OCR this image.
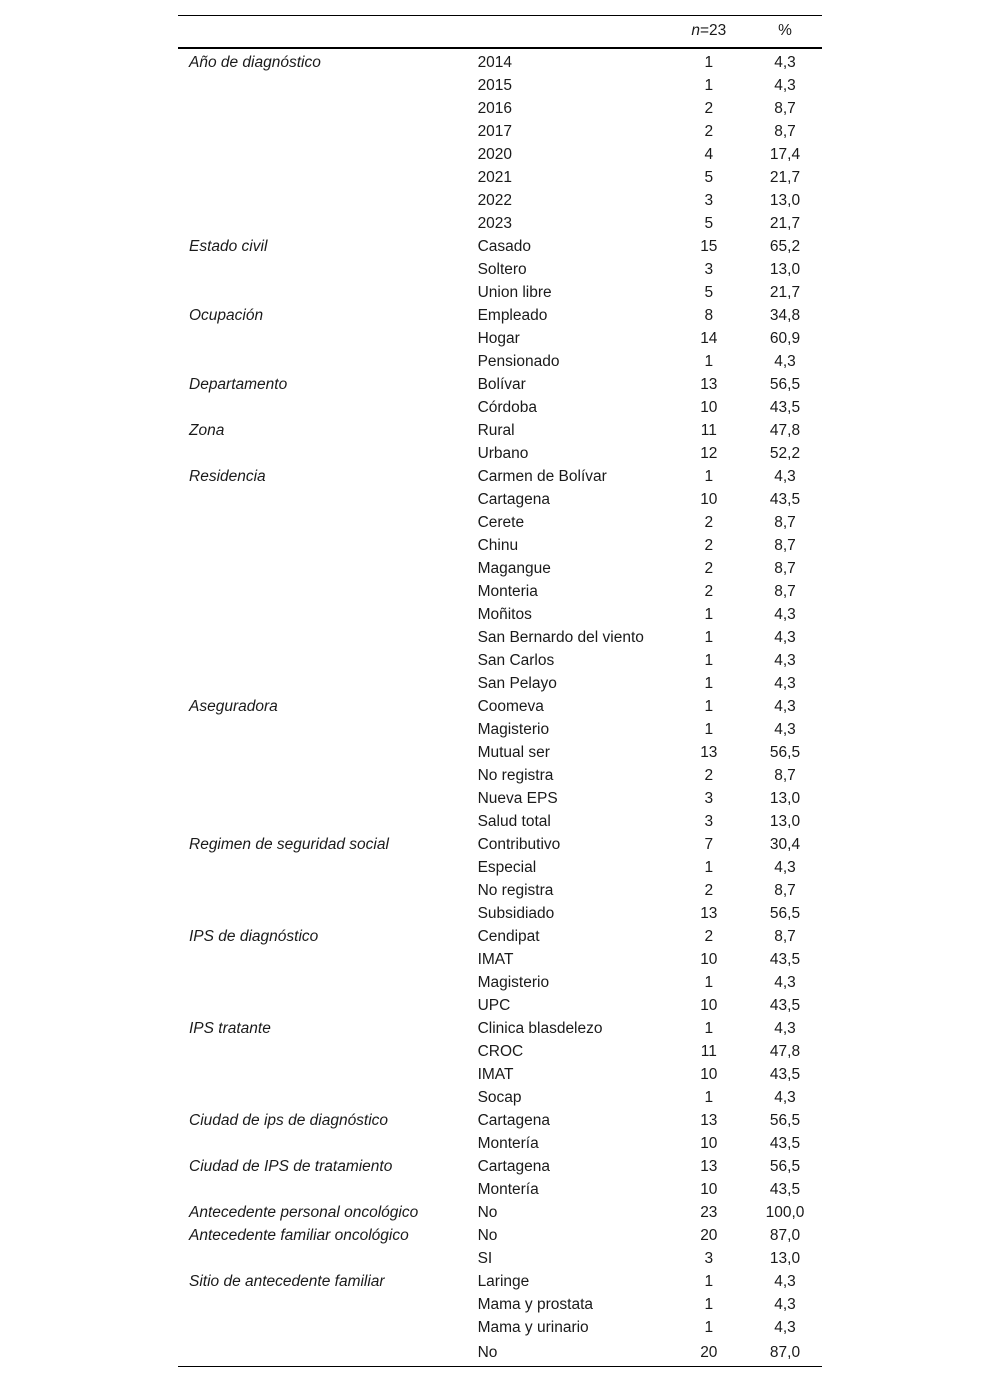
		n=23	%
Año de diagnóstico	2014	1	4,3
	2015	1	4,3
	2016	2	8,7
	2017	2	8,7
	2020	4	17,4
	2021	5	21,7
	2022	3	13,0
	2023	5	21,7
Estado civil	Casado	15	65,2
	Soltero	3	13,0
	Union libre	5	21,7
Ocupación	Empleado	8	34,8
	Hogar	14	60,9
	Pensionado	1	4,3
Departamento	Bolívar	13	56,5
	Córdoba	10	43,5
Zona	Rural	11	47,8
	Urbano	12	52,2
Residencia	Carmen de Bolívar	1	4,3
	Cartagena	10	43,5
	Cerete	2	8,7
	Chinu	2	8,7
	Magangue	2	8,7
	Monteria	2	8,7
	Moñitos	1	4,3
	San Bernardo del viento	1	4,3
	San Carlos	1	4,3
	San Pelayo	1	4,3
Aseguradora	Coomeva	1	4,3
	Magisterio	1	4,3
	Mutual ser	13	56,5
	No registra	2	8,7
	Nueva EPS	3	13,0
	Salud total	3	13,0
Regimen de seguridad social	Contributivo	7	30,4
	Especial	1	4,3
	No registra	2	8,7
	Subsidiado	13	56,5
IPS de diagnóstico	Cendipat	2	8,7
	IMAT	10	43,5
	Magisterio	1	4,3
	UPC	10	43,5
IPS tratante	Clinica blasdelezo	1	4,3
	CROC	11	47,8
	IMAT	10	43,5
	Socap	1	4,3
Ciudad de ips de diagnóstico	Cartagena	13	56,5
	Montería	10	43,5
Ciudad de IPS de tratamiento	Cartagena	13	56,5
	Montería	10	43,5
Antecedente personal oncológico	No	23	100,0
Antecedente familiar oncológico	No	20	87,0
	SI	3	13,0
Sitio de antecedente familiar	Laringe	1	4,3
	Mama y prostata	1	4,3
	Mama y urinario	1	4,3
	No	20	87,0
